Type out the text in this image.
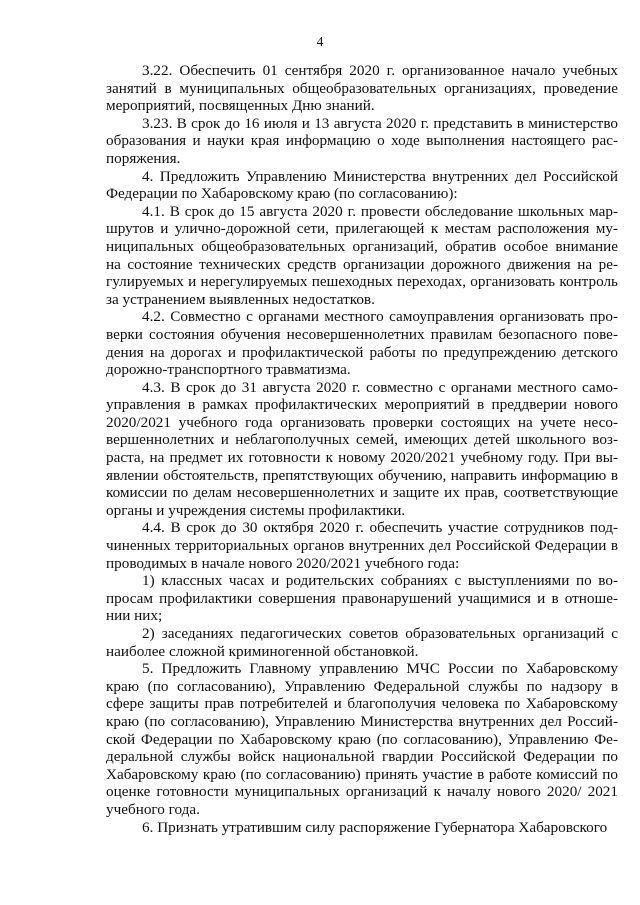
4

3.22. Обеспечить 01 сентября 2020 г. организованное начало учебных занятий в муниципальных общеобразовательных организациях, проведение мероприятий, посвященных Дню знаний.

3.23. В срок до 16 июля и 13 августа 2020 г. представить в министерство образования и науки края информацию о ходе выполнения настоящего распоряжения.

4. Предложить Управлению Министерства внутренних дел Российской Федерации по Хабаровскому краю (по согласованию):

4.1. В срок до 15 августа 2020 г. провести обследование школьных маршрутов и улично-дорожной сети, прилегающей к местам расположения муниципальных общеобразовательных организаций, обратив особое внимание на состояние технических средств организации дорожного движения на регулируемых и нерегулируемых пешеходных переходах, организовать контроль за устранением выявленных недостатков.

4.2. Совместно с органами местного самоуправления организовать проверки состояния обучения несовершеннолетних правилам безопасного поведения на дорогах и профилактической работы по предупреждению детского дорожно-транспортного травматизма.

4.3. В срок до 31 августа 2020 г. совместно с органами местного самоуправления в рамках профилактических мероприятий в преддверии нового 2020/2021 учебного года организовать проверки состоящих на учете несовершеннолетних и неблагополучных семей, имеющих детей школьного возраста, на предмет их готовности к новому 2020/2021 учебному году. При выявлении обстоятельств, препятствующих обучению, направить информацию в комиссии по делам несовершеннолетних и защите их прав, соответствующие органы и учреждения системы профилактики.

4.4. В срок до 30 октября 2020 г. обеспечить участие сотрудников подчиненных территориальных органов внутренних дел Российской Федерации в проводимых в начале нового 2020/2021 учебного года:

1) классных часах и родительских собраниях с выступлениями по вопросам профилактики совершения правонарушений учащимися и в отношении них;

2) заседаниях педагогических советов образовательных организаций с наиболее сложной криминогенной обстановкой.

5. Предложить Главному управлению МЧС России по Хабаровскому краю (по согласованию), Управлению Федеральной службы по надзору в сфере защиты прав потребителей и благополучия человека по Хабаровскому краю (по согласованию), Управлению Министерства внутренних дел Российской Федерации по Хабаровскому краю (по согласованию), Управлению Федеральной службы войск национальной гвардии Российской Федерации по Хабаровскому краю (по согласованию) принять участие в работе комиссий по оценке готовности муниципальных организаций к началу нового 2020/ 2021 учебного года.

6. Признать утратившим силу распоряжение Губернатора Хабаровского
